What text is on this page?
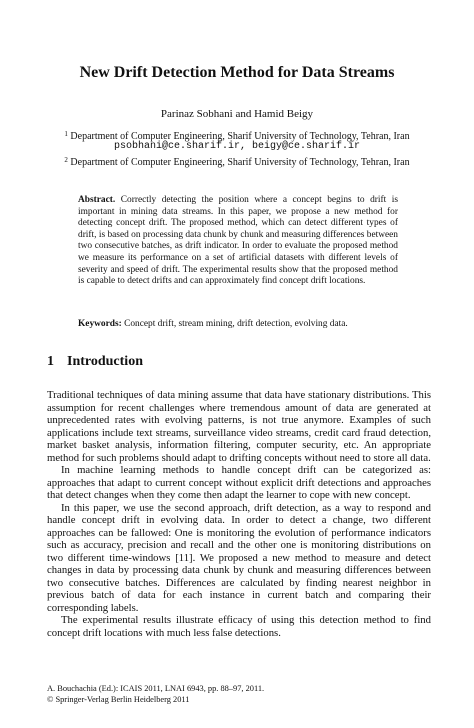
New Drift Detection Method for Data Streams
Parinaz Sobhani and Hamid Beigy
$^1$ Department of Computer Engineering, Sharif University of Technology, Tehran, Iran
psobhani@ce.sharif.ir, beigy@ce.sharif.ir
$^2$ Department of Computer Engineering, Sharif University of Technology, Tehran, Iran
Abstract. Correctly detecting the position where a concept begins to drift is important in mining data streams. In this paper, we propose a new method for detecting concept drift. The proposed method, which can detect different types of drift, is based on processing data chunk by chunk and measuring differences between two consecutive batches, as drift indicator. In order to evaluate the proposed method we measure its performance on a set of artificial datasets with different levels of severity and speed of drift. The experimental results show that the proposed method is capable to detect drifts and can approximately find concept drift locations.
Keywords: Concept drift, stream mining, drift detection, evolving data.
1 Introduction

Traditional techniques of data mining assume that data have stationary distributions. This assumption for recent challenges where tremendous amount of data are generated at unprecedented rates with evolving patterns, is not true anymore. Examples of such applications include text streams, surveillance video streams, credit card fraud detection, market basket analysis, information filtering, computer security, etc. An appropriate method for such problems should adapt to drifting concepts without need to store all data.

In machine learning methods to handle concept drift can be categorized as: approaches that adapt to current concept without explicit drift detections and approaches that detect changes when they come then adapt the learner to cope with new concept.

In this paper, we use the second approach, drift detection, as a way to respond and handle concept drift in evolving data. In order to detect a change, two different approaches can be fallowed: One is monitoring the evolution of performance indicators such as accuracy, precision and recall and the other one is monitoring distributions on two different time-windows [11]. We proposed a new method to measure and detect changes in data by processing data chunk by chunk and measuring differences between two consecutive batches. Differences are calculated by finding nearest neighbor in previous batch of data for each instance in current batch and comparing their corresponding labels.

The experimental results illustrate efficacy of using this detection method to find concept drift locations with much less false detections.

A. Bouchachia (Ed.): ICAIS 2011, LNAI 6943, pp. 88–97, 2011.
© Springer-Verlag Berlin Heidelberg 2011
